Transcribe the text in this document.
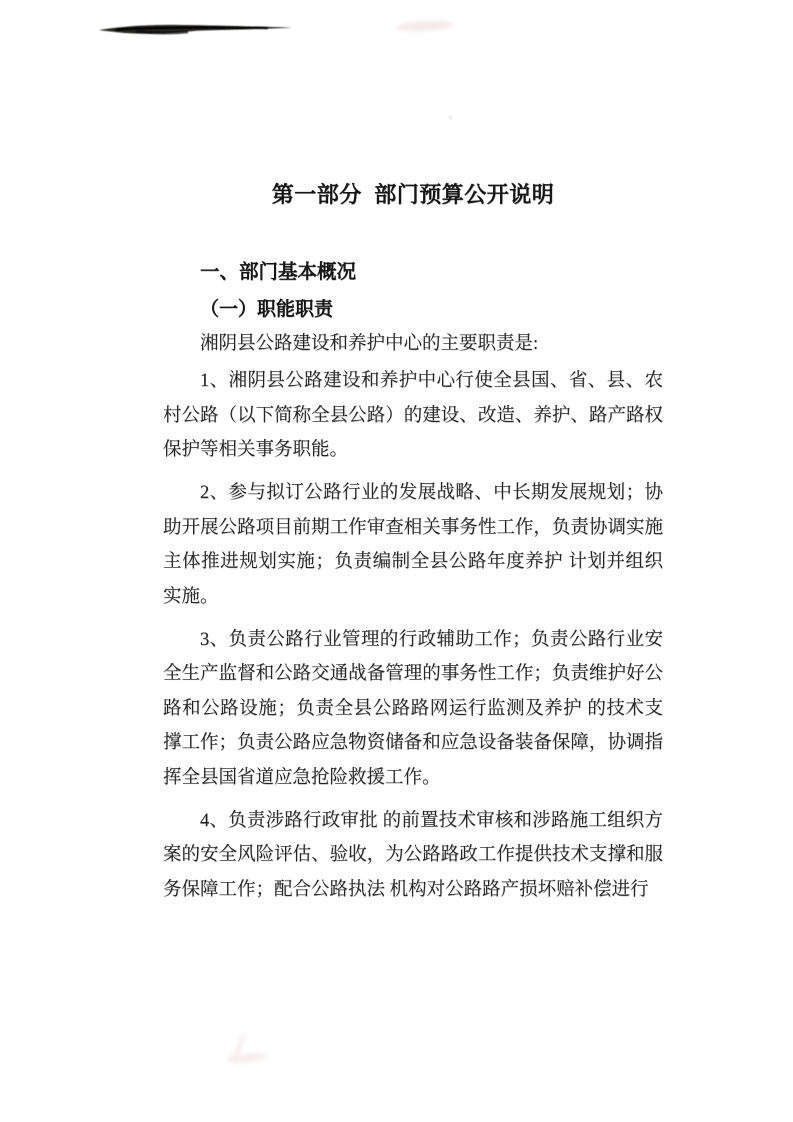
第一部分 部门预算公开说明
一、部门基本概况
（一）职能职责

湘阴县公路建设和养护中心的主要职责是:

1、湘阴县公路建设和养护中心行使全县国、省、县、农村公路（以下简称全县公路）的建设、改造、养护、路产路权保护等相关事务职能。

2、参与拟订公路行业的发展战略、中长期发展规划；协助开展公路项目前期工作审查相关事务性工作，负责协调实施主体推进规划实施；负责编制全县公路年度养护 计划并组织实施。

3、负责公路行业管理的行政辅助工作；负责公路行业安全生产监督和公路交通战备管理的事务性工作；负责维护好公路和公路设施；负责全县公路路网运行监测及养护 的技术支撑工作；负责公路应急物资储备和应急设备装备保障，协调指挥全县国省道应急抢险救援工作。

4、负责涉路行政审批 的前置技术审核和涉路施工组织方案的安全风险评估、验收，为公路路政工作提供技术支撑和服务保障工作；配合公路执法 机构对公路路产损坏赔补偿进行
